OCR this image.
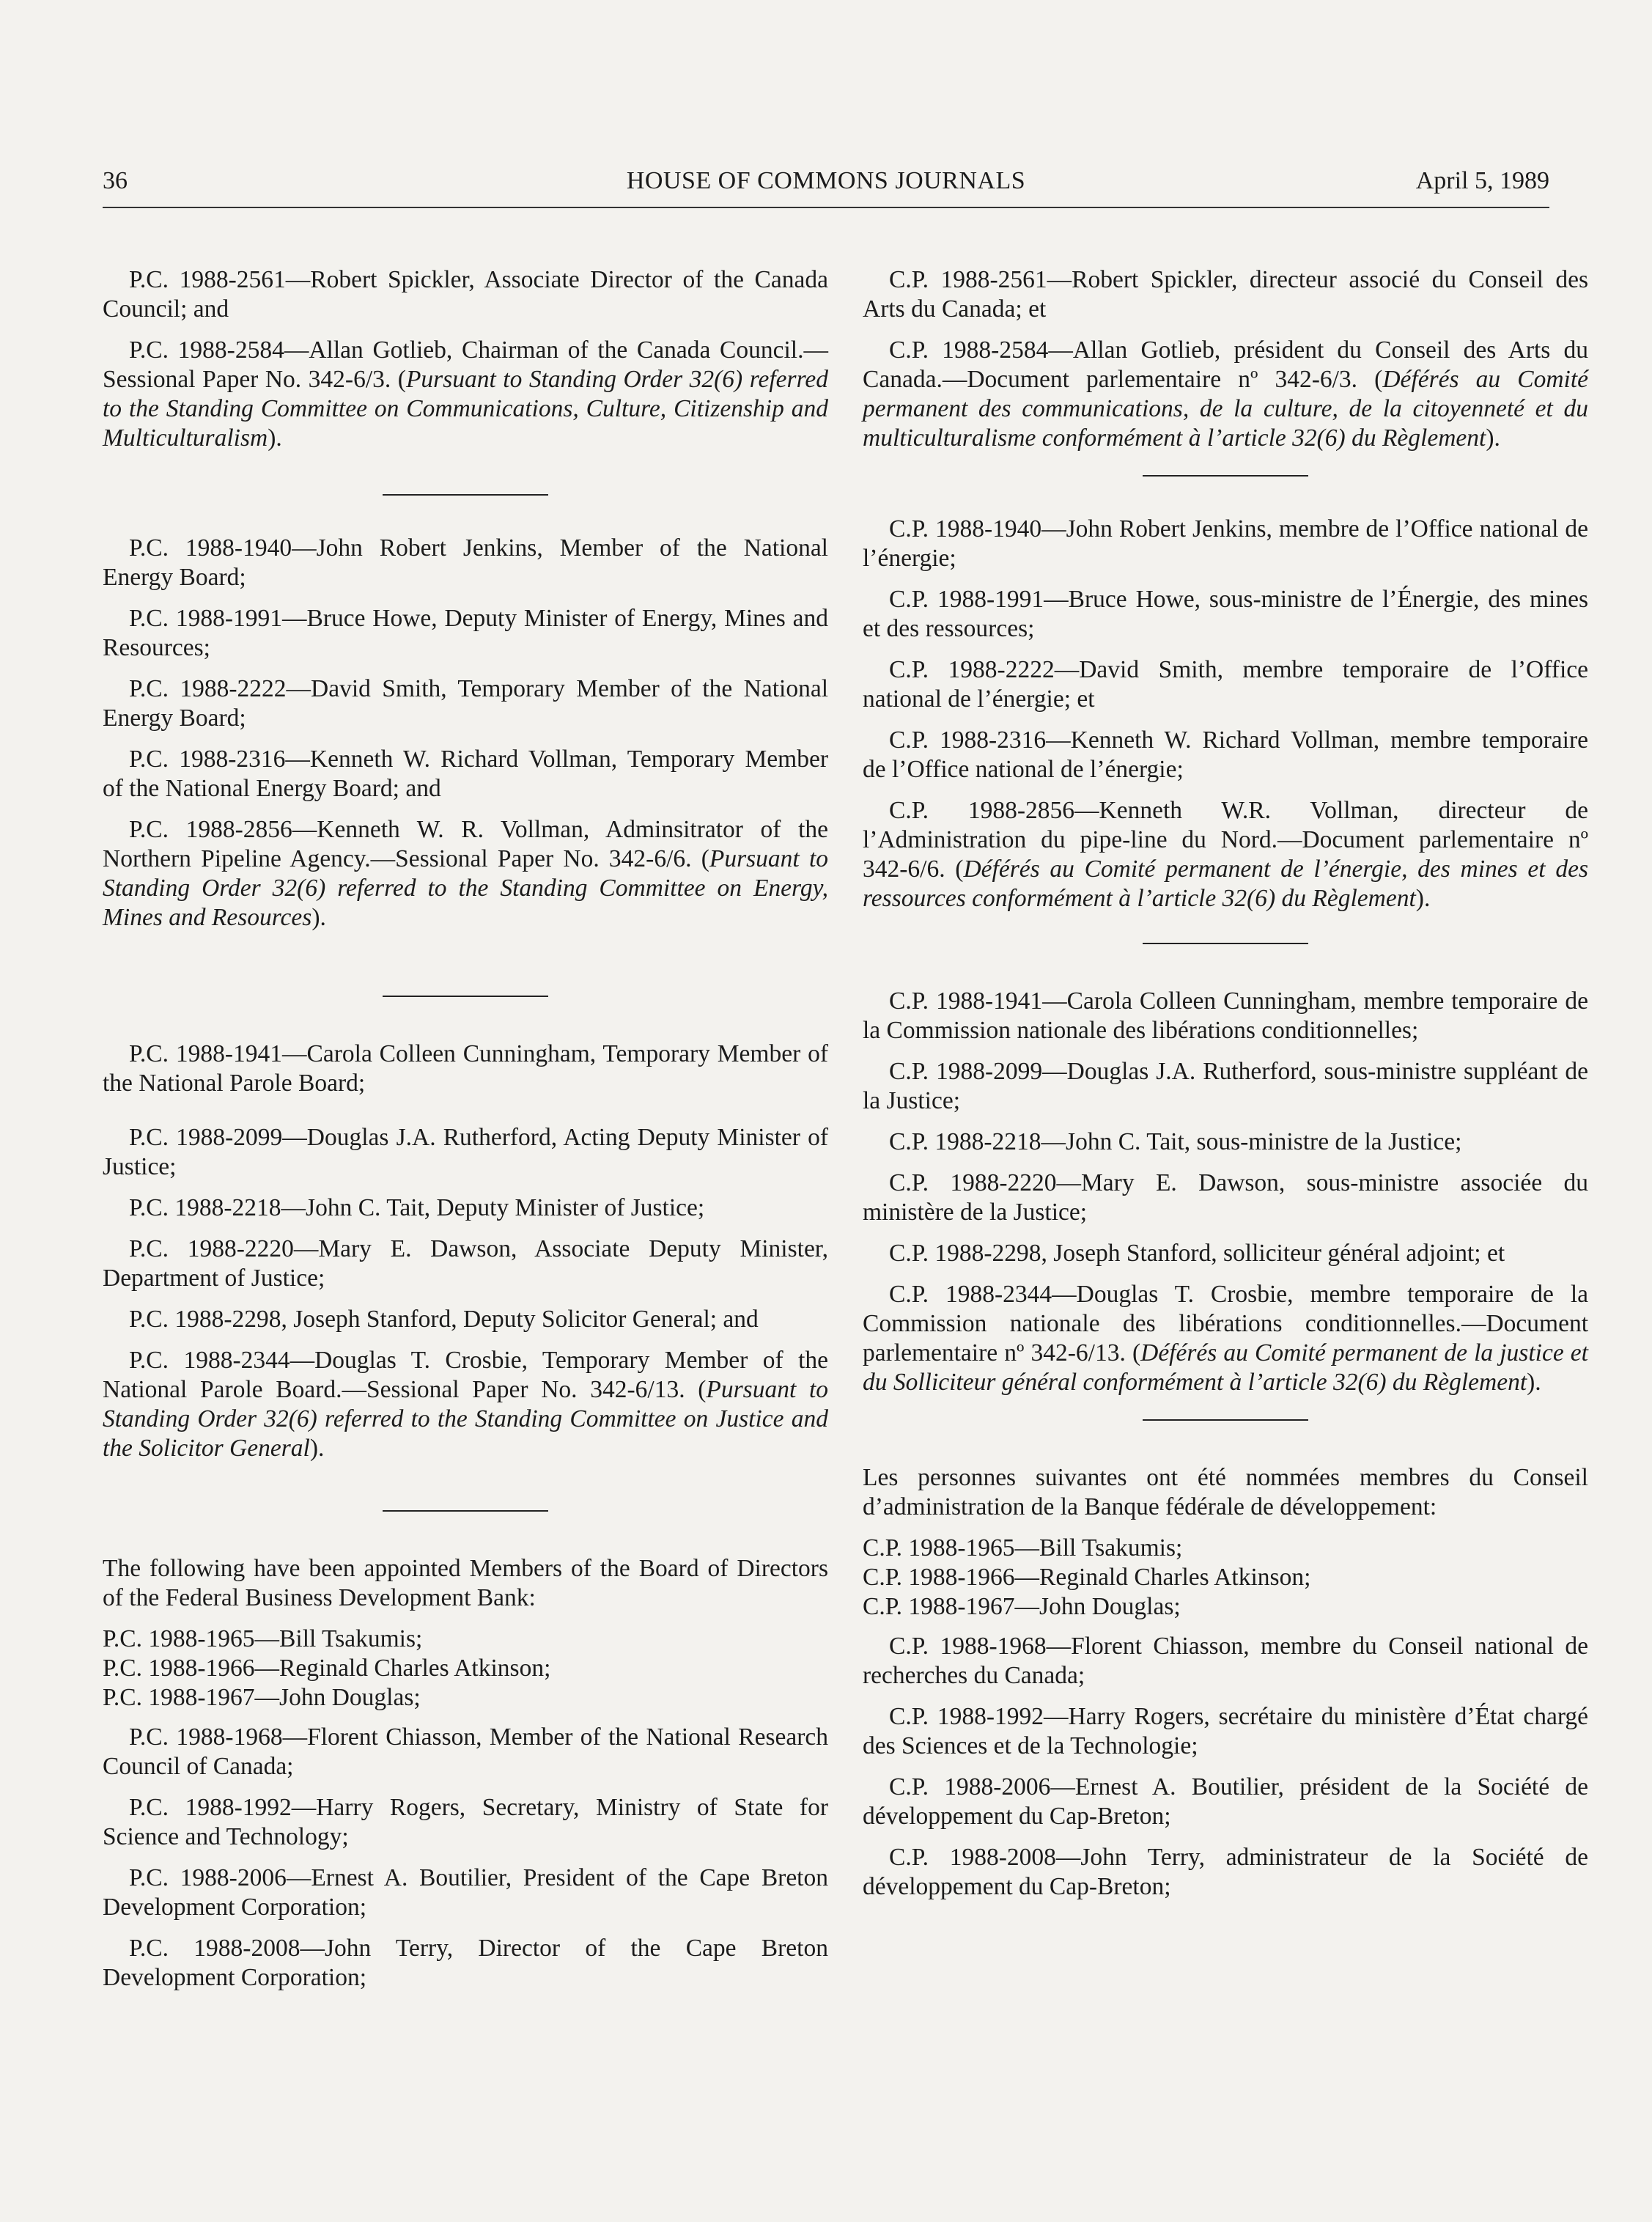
36	HOUSE OF COMMONS JOURNALS	April 5, 1989

P.C. 1988-2561—Robert Spickler, Associate Director of the Canada Council; and

P.C. 1988-2584—Allan Gotlieb, Chairman of the Canada Council.—Sessional Paper No. 342-6/3. (Pursuant to Standing Order 32(6) referred to the Standing Committee on Communications, Culture, Citizenship and Multiculturalism).

P.C. 1988-1940—John Robert Jenkins, Member of the National Energy Board;

P.C. 1988-1991—Bruce Howe, Deputy Minister of Energy, Mines and Resources;

P.C. 1988-2222—David Smith, Temporary Member of the National Energy Board;

P.C. 1988-2316—Kenneth W. Richard Vollman, Temporary Member of the National Energy Board; and

P.C. 1988-2856—Kenneth W. R. Vollman, Adminsitrator of the Northern Pipeline Agency.—Sessional Paper No. 342-6/6. (Pursuant to Standing Order 32(6) referred to the Standing Committee on Energy, Mines and Resources).

P.C. 1988-1941—Carola Colleen Cunningham, Temporary Member of the National Parole Board;

P.C. 1988-2099—Douglas J.A. Rutherford, Acting Deputy Minister of Justice;

P.C. 1988-2218—John C. Tait, Deputy Minister of Justice;

P.C. 1988-2220—Mary E. Dawson, Associate Deputy Minister, Department of Justice;

P.C. 1988-2298, Joseph Stanford, Deputy Solicitor General; and

P.C. 1988-2344—Douglas T. Crosbie, Temporary Member of the National Parole Board.—Sessional Paper No. 342-6/13. (Pursuant to Standing Order 32(6) referred to the Standing Committee on Justice and the Solicitor General).

The following have been appointed Members of the Board of Directors of the Federal Business Development Bank:

P.C. 1988-1965—Bill Tsakumis;

P.C. 1988-1966—Reginald Charles Atkinson;

P.C. 1988-1967—John Douglas;

P.C. 1988-1968—Florent Chiasson, Member of the National Research Council of Canada;

P.C. 1988-1992—Harry Rogers, Secretary, Ministry of State for Science and Technology;

P.C. 1988-2006—Ernest A. Boutilier, President of the Cape Breton Development Corporation;

P.C. 1988-2008—John Terry, Director of the Cape Breton Development Corporation;

C.P. 1988-2561—Robert Spickler, directeur associé du Conseil des Arts du Canada; et

C.P. 1988-2584—Allan Gotlieb, président du Conseil des Arts du Canada.—Document parlementaire nº 342-6/3. (Déférés au Comité permanent des communications, de la culture, de la citoyenneté et du multiculturalisme conformément à l’article 32(6) du Règlement).

C.P. 1988-1940—John Robert Jenkins, membre de l’Office national de l’énergie;

C.P. 1988-1991—Bruce Howe, sous-ministre de l’Énergie, des mines et des ressources;

C.P. 1988-2222—David Smith, membre temporaire de l’Office national de l’énergie; et

C.P. 1988-2316—Kenneth W. Richard Vollman, membre temporaire de l’Office national de l’énergie;

C.P. 1988-2856—Kenneth W.R. Vollman, directeur de l’Administration du pipe-line du Nord.—Document parlementaire nº 342-6/6. (Déférés au Comité permanent de l’énergie, des mines et des ressources conformément à l’article 32(6) du Règlement).

C.P. 1988-1941—Carola Colleen Cunningham, membre temporaire de la Commission nationale des libérations conditionnelles;

C.P. 1988-2099—Douglas J.A. Rutherford, sous-ministre suppléant de la Justice;

C.P. 1988-2218—John C. Tait, sous-ministre de la Justice;

C.P. 1988-2220—Mary E. Dawson, sous-ministre associée du ministère de la Justice;

C.P. 1988-2298, Joseph Stanford, solliciteur général adjoint; et

C.P. 1988-2344—Douglas T. Crosbie, membre temporaire de la Commission nationale des libérations conditionnelles.—Document parlementaire nº 342-6/13. (Déférés au Comité permanent de la justice et du Solliciteur général conformément à l’article 32(6) du Règlement).

Les personnes suivantes ont été nommées membres du Conseil d’administration de la Banque fédérale de développement:

C.P. 1988-1965—Bill Tsakumis;

C.P. 1988-1966—Reginald Charles Atkinson;

C.P. 1988-1967—John Douglas;

C.P. 1988-1968—Florent Chiasson, membre du Conseil national de recherches du Canada;

C.P. 1988-1992—Harry Rogers, secrétaire du ministère d’État chargé des Sciences et de la Technologie;

C.P. 1988-2006—Ernest A. Boutilier, président de la Société de développement du Cap-Breton;

C.P. 1988-2008—John Terry, administrateur de la Société de développement du Cap-Breton;
